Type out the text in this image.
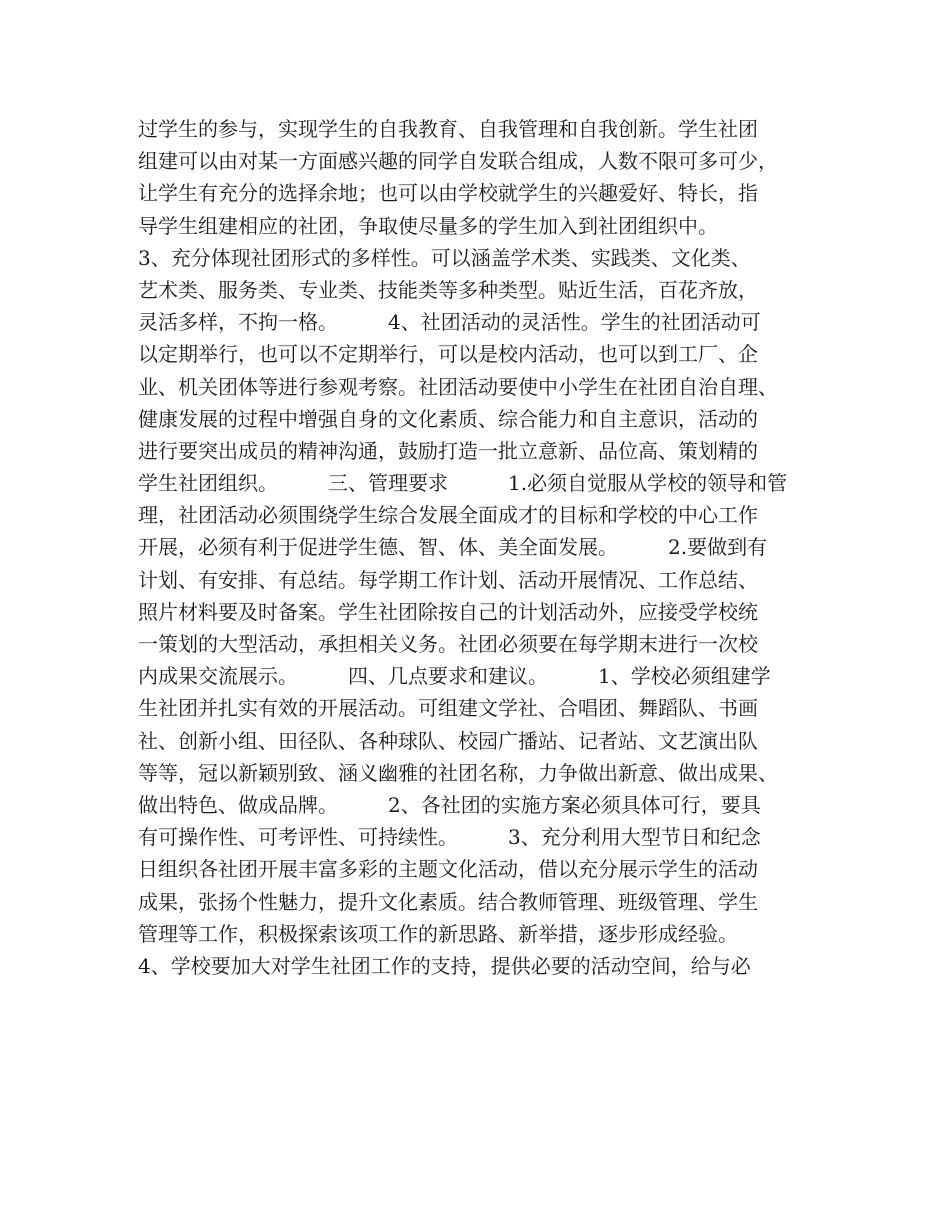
过学生的参与，实现学生的自我教育、自我管理和自我创新。学生社团
组建可以由对某一方面感兴趣的同学自发联合组成，人数不限可多可少，
让学生有充分的选择余地；也可以由学校就学生的兴趣爱好、特长，指
导学生组建相应的社团，争取使尽量多的学生加入到社团组织中。
3、充分体现社团形式的多样性。可以涵盖学术类、实践类、文化类、
艺术类、服务类、专业类、技能类等多种类型。贴近生活，百花齐放，
灵活多样，不拘一格。　　　4、社团活动的灵活性。学生的社团活动可
以定期举行，也可以不定期举行，可以是校内活动，也可以到工厂、企
业、机关团体等进行参观考察。社团活动要使中小学生在社团自治自理、
健康发展的过程中增强自身的文化素质、综合能力和自主意识，活动的
进行要突出成员的精神沟通，鼓励打造一批立意新、品位高、策划精的
学生社团组织。　　　三、管理要求　　　1.必须自觉服从学校的领导和管
理，社团活动必须围绕学生综合发展全面成才的目标和学校的中心工作
开展，必须有利于促进学生德、智、体、美全面发展。　　　2.要做到有
计划、有安排、有总结。每学期工作计划、活动开展情况、工作总结、
照片材料要及时备案。学生社团除按自己的计划活动外，应接受学校统
一策划的大型活动，承担相关义务。社团必须要在每学期末进行一次校
内成果交流展示。　　　四、几点要求和建议。　　　1、学校必须组建学
生社团并扎实有效的开展活动。可组建文学社、合唱团、舞蹈队、书画
社、创新小组、田径队、各种球队、校园广播站、记者站、文艺演出队
等等，冠以新颖别致、涵义幽雅的社团名称，力争做出新意、做出成果、
做出特色、做成品牌。　　　2、各社团的实施方案必须具体可行，要具
有可操作性、可考评性、可持续性。　　　3、充分利用大型节日和纪念
日组织各社团开展丰富多彩的主题文化活动，借以充分展示学生的活动
成果，张扬个性魅力，提升文化素质。结合教师管理、班级管理、学生
管理等工作，积极探索该项工作的新思路、新举措，逐步形成经验。
4、学校要加大对学生社团工作的支持，提供必要的活动空间，给与必
